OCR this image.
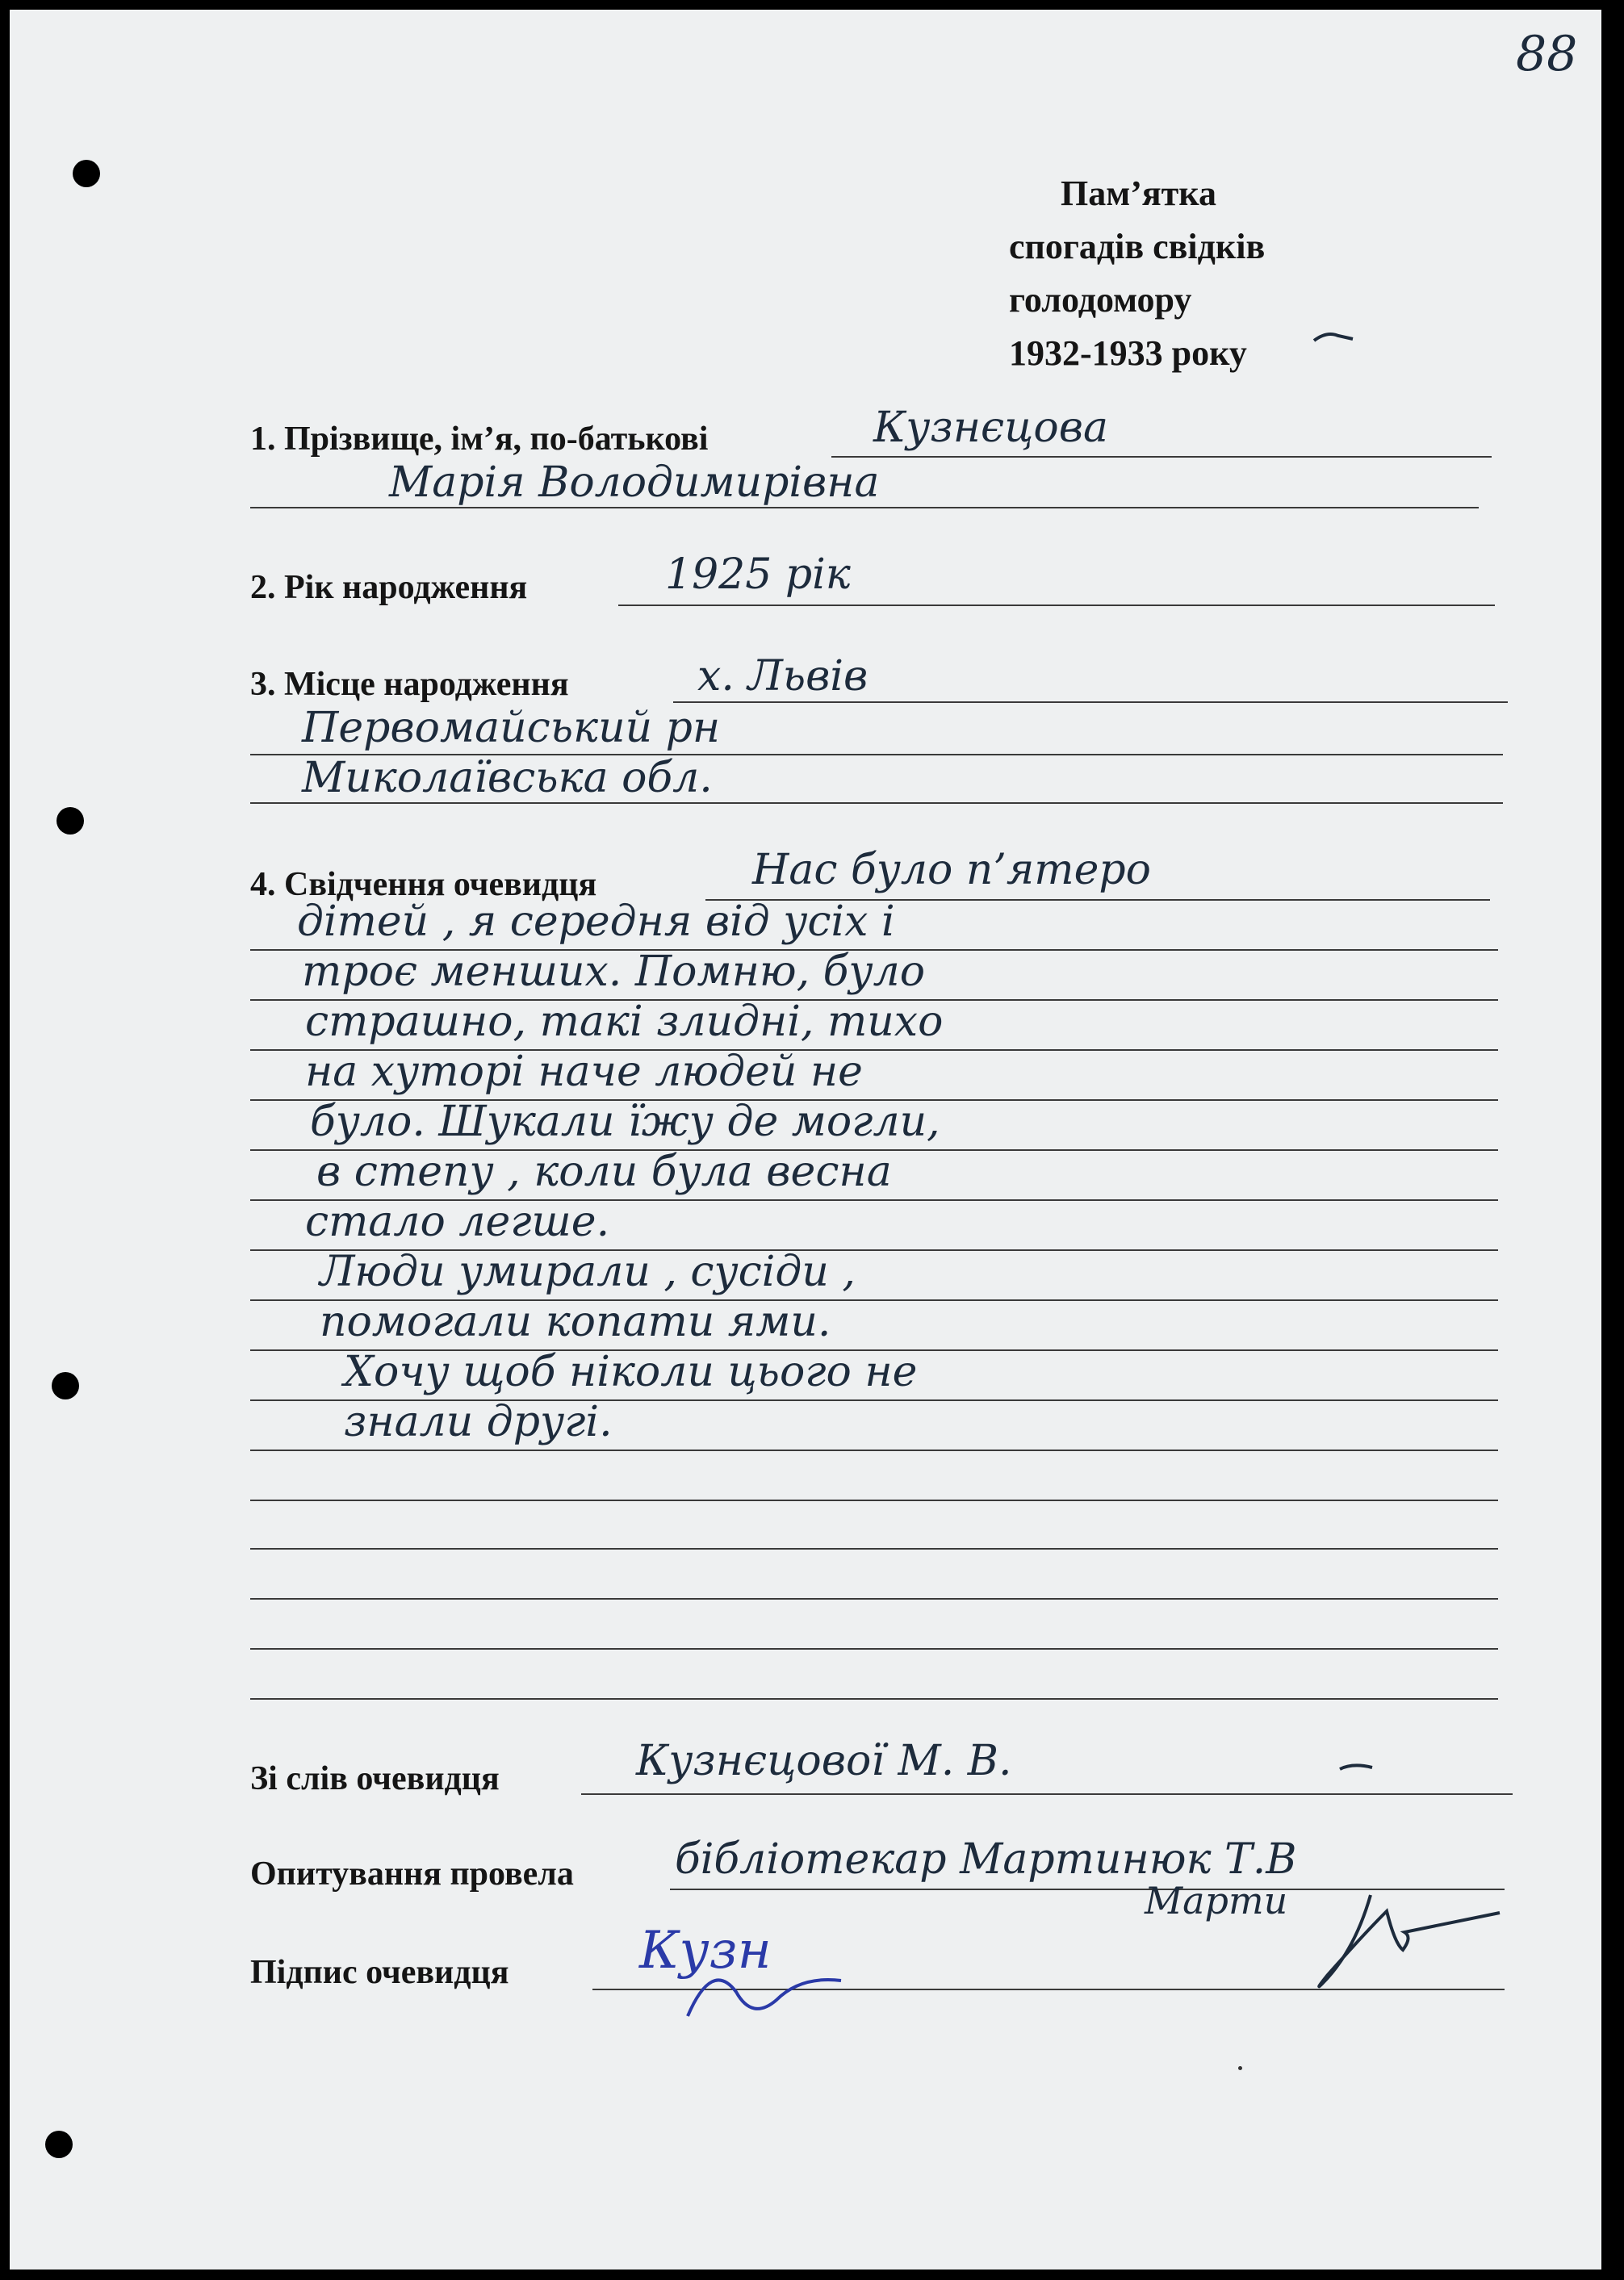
88
Пам’ятка
спогадів свідків
голодомору
1932-1933 року
1. Прізвище, ім’я, по-батькові	Кузнєцова
Марія Володимирівна
2. Рік народження	1925 рік
3. Місце народження	х. Львів
Первомайський рн
Миколаївська обл.
4. Свідчення очевидця	Нас було п’ятеро
дітей , я середня від усіх і
троє менших. Помню, було
страшно, такі злидні, тихо
на хуторі наче людей не
було. Шукали їжу де могли,
в степу , коли була весна
стало легше.
Люди умирали , сусіди ,
помогали копати ями.
Хочу щоб ніколи цього не
знали другі.
Зі слів очевидця	Кузнєцової М. В.
Опитування провела бібліотекар Мартинюк Т.В
Марти
Підпис очевидця	Кузн
